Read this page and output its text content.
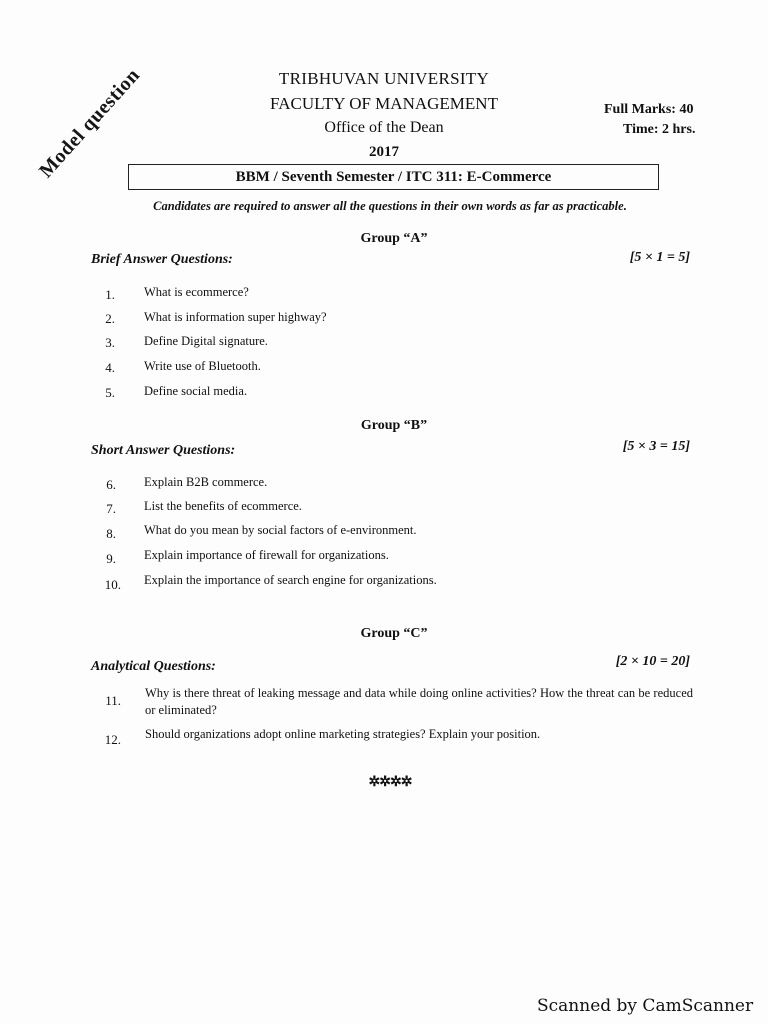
Model question	TRIBHUVAN UNIVERSITY
FACULTY OF MANAGEMENT
Office of the Dean
2017
Full Marks: 40
Time: 2 hrs.
BBM / Seventh Semester / ITC 311: E-Commerce
Candidates are required to answer all the questions in their own words as far as practicable.
Group “A”
Brief Answer Questions:	[5 × 1 = 5]
1. What is ecommerce?
2. What is information super highway?
3. Define Digital signature.
4. Write use of Bluetooth.
5. Define social media.
Group “B”
Short Answer Questions:	[5 × 3 = 15]
6. Explain B2B commerce.
7. List the benefits of ecommerce.
8. What do you mean by social factors of e-environment.
9. Explain importance of firewall for organizations.
10. Explain the importance of search engine for organizations.
Group “C”
Analytical Questions:	[2 × 10 = 20]
11. Why is there threat of leaking message and data while doing online activities? How the threat can be reduced or eliminated?
12. Should organizations adopt online marketing strategies? Explain your position.
✲✲✲✲
Scanned by CamScanner
